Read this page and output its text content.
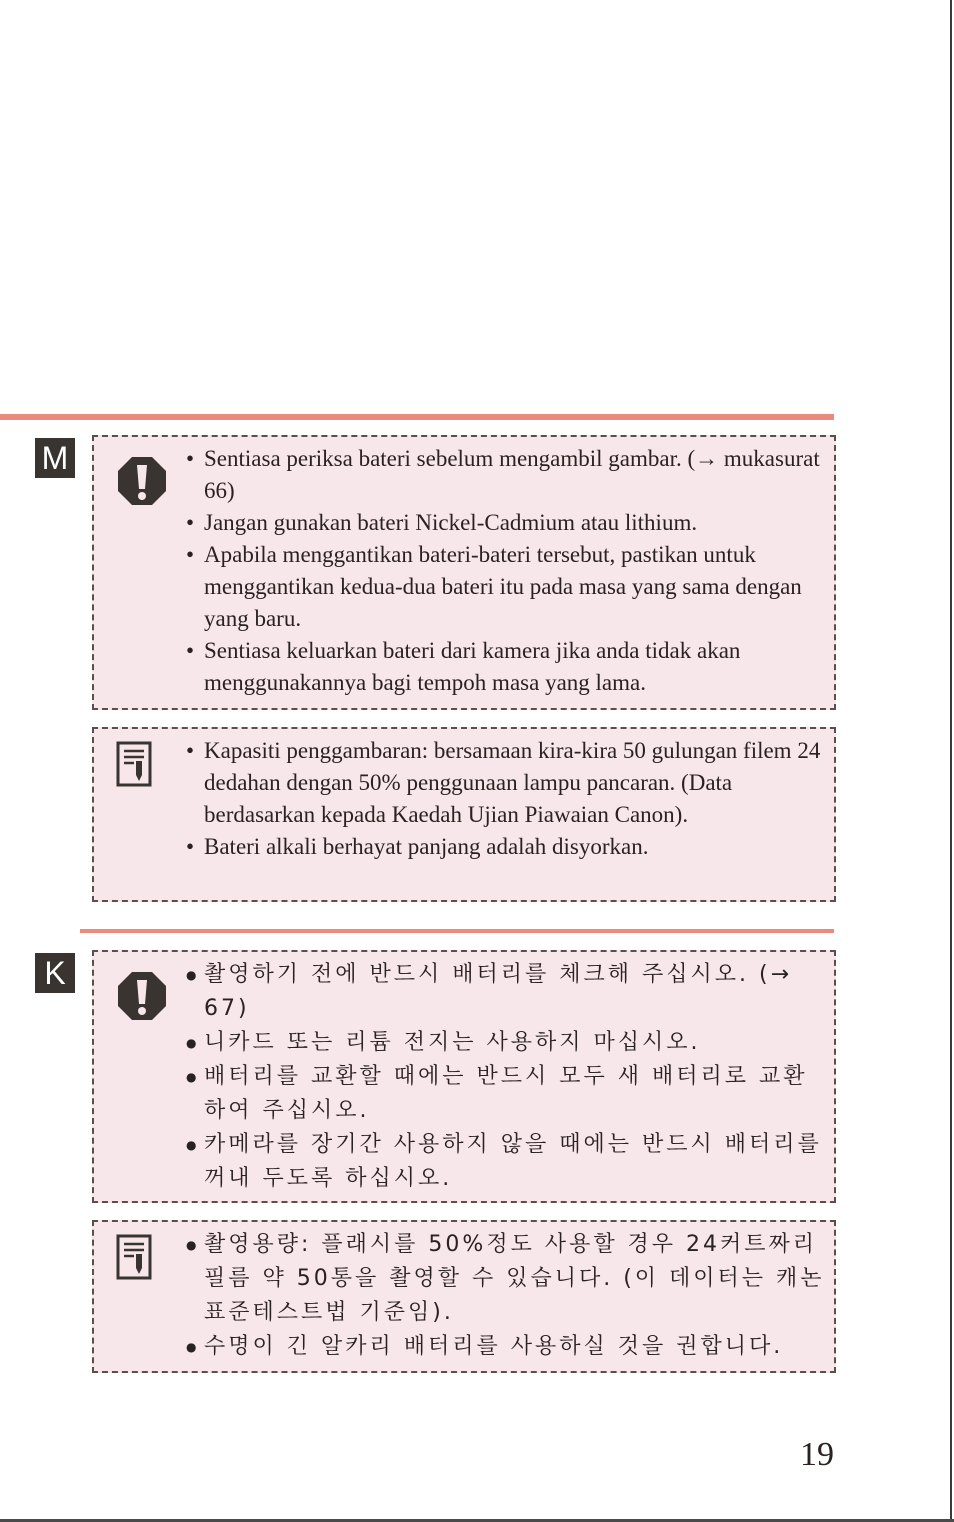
M	• Sentiasa periksa bateri sebelum mengambil gambar. (→ mukasurat 66)
• Jangan gunakan bateri Nickel-Cadmium atau lithium.
• Apabila menggantikan bateri-bateri tersebut, pastikan untuk menggantikan kedua-dua bateri itu pada masa yang sama dengan yang baru.
• Sentiasa keluarkan bateri dari kamera jika anda tidak akan menggunakannya bagi tempoh masa yang lama.
• Kapasiti penggambaran: bersamaan kira-kira 50 gulungan filem 24 dedahan dengan 50% penggunaan lampu pancaran. (Data berdasarkan kepada Kaedah Ujian Piawaian Canon).
• Bateri alkali berhayat panjang adalah disyorkan.
K	● 촬영하기 전에 반드시 배터리를 체크해 주십시오. (→ 67)
● 니카드 또는 리튬 전지는 사용하지 마십시오.
● 배터리를 교환할 때에는 반드시 모두 새 배터리로 교환하여 주십시오.
● 카메라를 장기간 사용하지 않을 때에는 반드시 배터리를 꺼내 두도록 하십시오.
● 촬영용량: 플래시를 50%정도 사용할 경우 24커트짜리 필름 약 50통을 촬영할 수 있습니다. (이 데이터는 캐논 표준테스트법 기준임).
● 수명이 긴 알카리 배터리를 사용하실 것을 권합니다.
19
